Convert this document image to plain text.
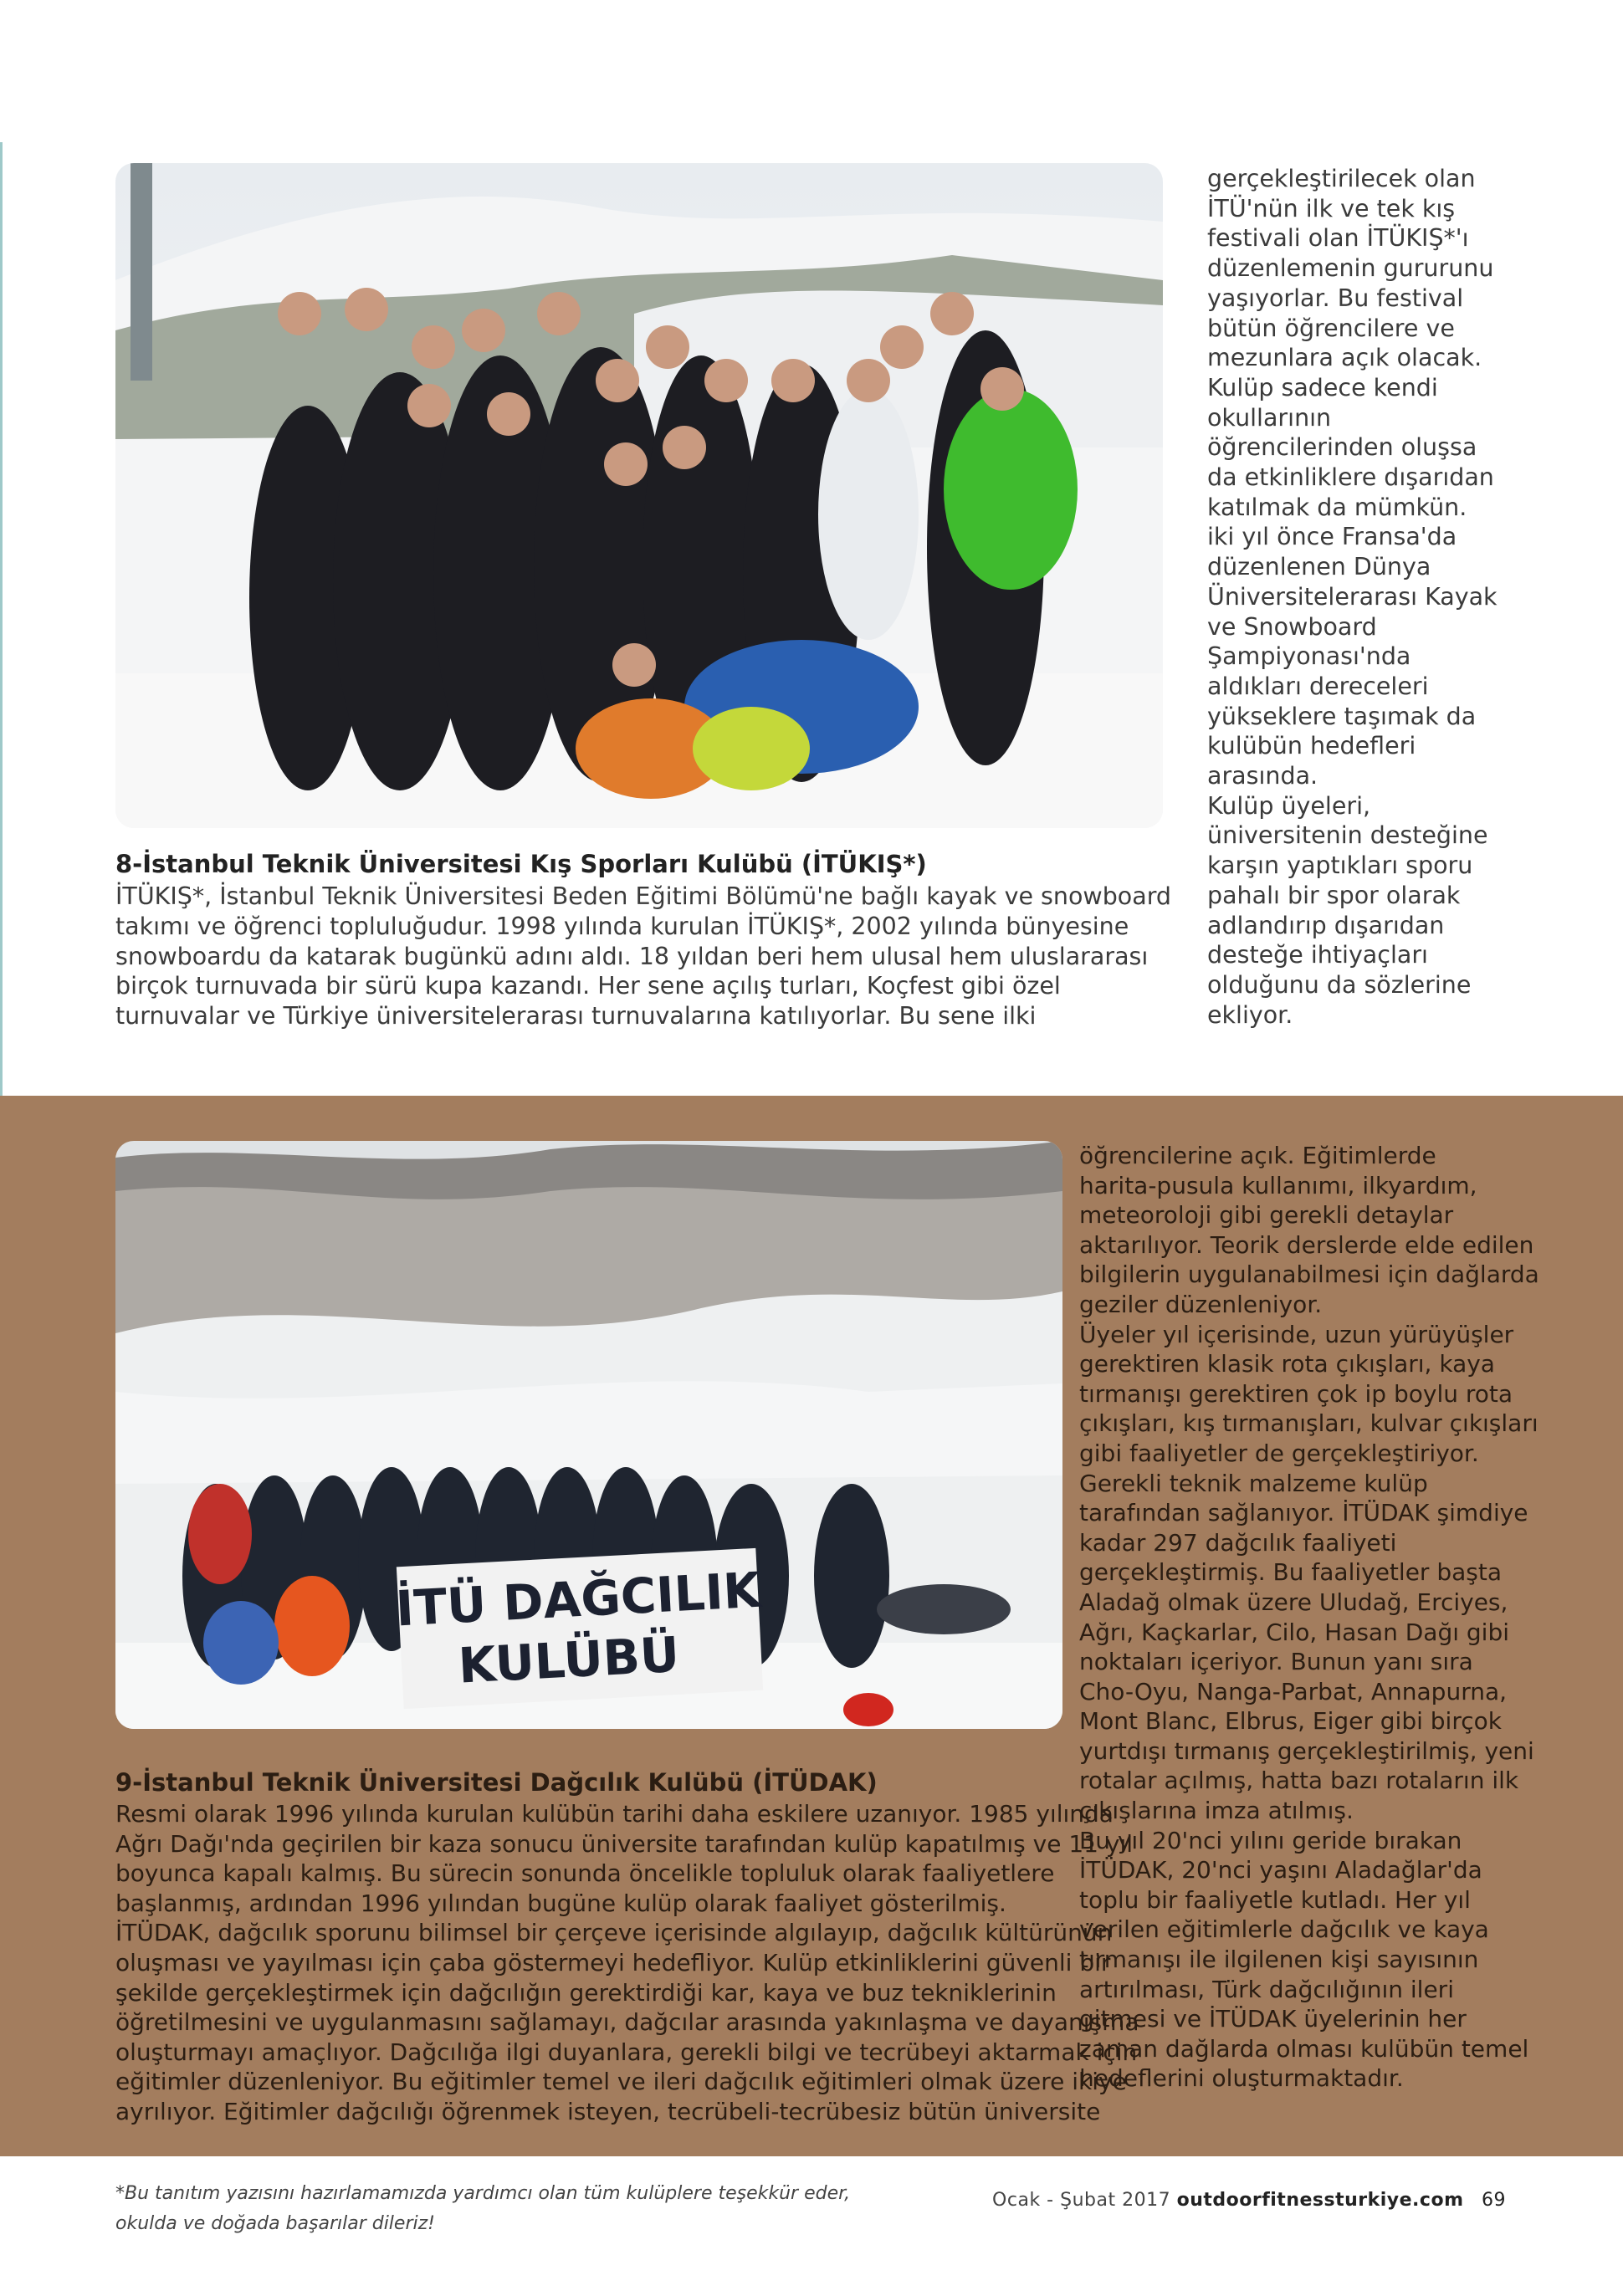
8-İstanbul Teknik Üniversitesi Kış Sporları Kulübü (İTÜKIŞ*)
İTÜKIŞ*, İstanbul Teknik Üniversitesi Beden Eğitimi Bölümü'ne bağlı kayak ve snowboard
takımı ve öğrenci topluluğudur. 1998 yılında kurulan İTÜKIŞ*, 2002 yılında bünyesine
snowboardu da katarak bugünkü adını aldı. 18 yıldan beri hem ulusal hem uluslararası
birçok turnuvada bir sürü kupa kazandı. Her sene açılış turları, Koçfest gibi özel
turnuvalar ve Türkiye üniversitelerarası turnuvalarına katılıyorlar. Bu sene ilki
gerçekleştirilecek olan
İTÜ'nün ilk ve tek kış
festivali olan İTÜKIŞ*'ı
düzenlemenin gururunu
yaşıyorlar. Bu festival
bütün öğrencilere ve
mezunlara açık olacak.
Kulüp sadece kendi
okullarının
öğrencilerinden oluşsa
da etkinliklere dışarıdan
katılmak da mümkün.
iki yıl önce Fransa'da
düzenlenen Dünya
Üniversitelerarası Kayak
ve Snowboard
Şampiyonası'nda
aldıkları dereceleri
yükseklere taşımak da
kulübün hedefleri
arasında.
Kulüp üyeleri,
üniversitenin desteğine
karşın yaptıkları sporu
pahalı bir spor olarak
adlandırıp dışarıdan
desteğe ihtiyaçları
olduğunu da sözlerine
ekliyor.
İTÜ DAĞCILIK
KULÜBÜ
öğrencilerine açık. Eğitimlerde
harita-pusula kullanımı, ilkyardım,
meteoroloji gibi gerekli detaylar
aktarılıyor. Teorik derslerde elde edilen
bilgilerin uygulanabilmesi için dağlarda
geziler düzenleniyor.
Üyeler yıl içerisinde, uzun yürüyüşler
gerektiren klasik rota çıkışları, kaya
tırmanışı gerektiren çok ip boylu rota
çıkışları, kış tırmanışları, kulvar çıkışları
gibi faaliyetler de gerçekleştiriyor.
Gerekli teknik malzeme kulüp
tarafından sağlanıyor. İTÜDAK şimdiye
kadar 297 dağcılık faaliyeti
gerçekleştirmiş. Bu faaliyetler başta
Aladağ olmak üzere Uludağ, Erciyes,
Ağrı, Kaçkarlar, Cilo, Hasan Dağı gibi
noktaları içeriyor. Bunun yanı sıra
Cho-Oyu, Nanga-Parbat, Annapurna,
Mont Blanc, Elbrus, Eiger gibi birçok
yurtdışı tırmanış gerçekleştirilmiş, yeni
rotalar açılmış, hatta bazı rotaların ilk
çıkışlarına imza atılmış.
Bu yıl 20'nci yılını geride bırakan
İTÜDAK, 20'nci yaşını Aladağlar'da
toplu bir faaliyetle kutladı. Her yıl
verilen eğitimlerle dağcılık ve kaya
tırmanışı ile ilgilenen kişi sayısının
artırılması, Türk dağcılığının ileri
gitmesi ve İTÜDAK üyelerinin her
zaman dağlarda olması kulübün temel
hedeflerini oluşturmaktadır.
9-İstanbul Teknik Üniversitesi Dağcılık Kulübü (İTÜDAK)
Resmi olarak 1996 yılında kurulan kulübün tarihi daha eskilere uzanıyor. 1985 yılında
Ağrı Dağı'nda geçirilen bir kaza sonucu üniversite tarafından kulüp kapatılmış ve 11 yıl
boyunca kapalı kalmış. Bu sürecin sonunda öncelikle topluluk olarak faaliyetlere
başlanmış, ardından 1996 yılından bugüne kulüp olarak faaliyet gösterilmiş.
İTÜDAK, dağcılık sporunu bilimsel bir çerçeve içerisinde algılayıp, dağcılık kültürünün
oluşması ve yayılması için çaba göstermeyi hedefliyor. Kulüp etkinliklerini güvenli bir
şekilde gerçekleştirmek için dağcılığın gerektirdiği kar, kaya ve buz tekniklerinin
öğretilmesini ve uygulanmasını sağlamayı, dağcılar arasında yakınlaşma ve dayanışma
oluşturmayı amaçlıyor. Dağcılığa ilgi duyanlara, gerekli bilgi ve tecrübeyi aktarmak için
eğitimler düzenleniyor. Bu eğitimler temel ve ileri dağcılık eğitimleri olmak üzere ikiye
ayrılıyor. Eğitimler dağcılığı öğrenmek isteyen, tecrübeli-tecrübesiz bütün üniversite
*Bu tanıtım yazısını hazırlamamızda yardımcı olan tüm kulüplere teşekkür eder,
okulda ve doğada başarılar dileriz!
Ocak - Şubat 2017 outdoorfitnessturkiye.com 69
